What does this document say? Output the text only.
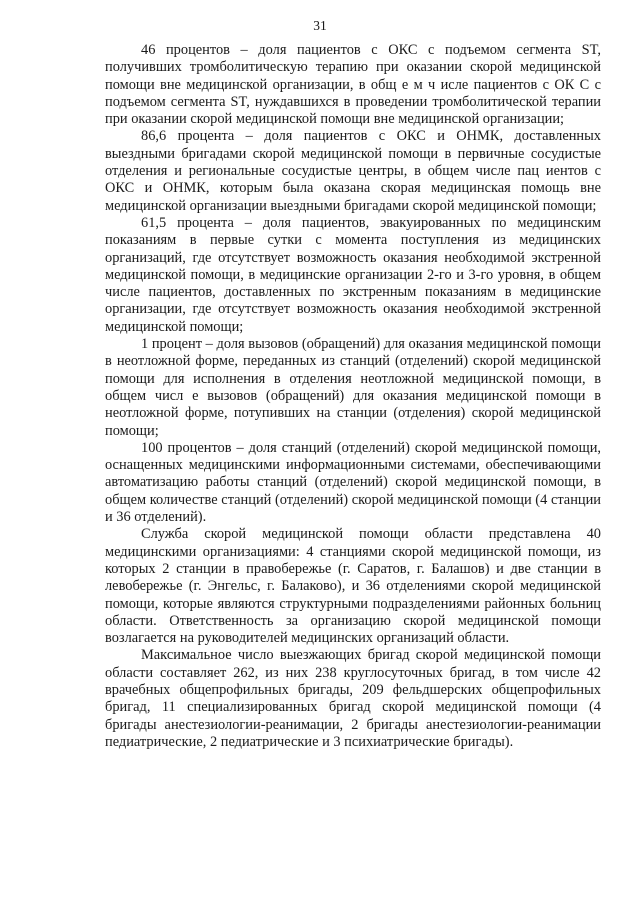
31

46 процентов – доля пациентов с ОКС с подъемом сегмента ST, получивших тромболитическую терапию при оказании скорой медицинской помощи вне медицинской организации, в общ е м ч исле пациентов с ОК С с подъемом сегмента ST, нуждавшихся в проведении тромболитической терапии при оказании скорой медицинской помощи вне медицинской организации;

86,6 процента – доля пациентов с ОКС и ОНМК, доставленных выездными бригадами скорой медицинской помощи в первичные сосудистые отделения и региональные сосудистые центры, в общем числе пац иентов с ОКС и ОНМК, которым была оказана скорая медицинская помощь вне медицинской организации выездными бригадами скорой медицинской помощи;

61,5 процента – доля пациентов, эвакуированных по медицинским показаниям в первые сутки с момента поступления из медицинских организаций, где отсутствует возможность оказания необходимой экстренной медицинской помощи, в медицинские организации 2-го и 3-го уровня, в общем числе пациентов, доставленных по экстренным показаниям в медицинские организации, где отсутствует возможность оказания необходимой экстренной медицинской помощи;

1 процент – доля вызовов (обращений) для оказания медицинской помощи в неотложной форме, переданных из станций (отделений) скорой медицинской помощи для исполнения в отделения неотложной медицинской помощи, в общем числ е вызовов (обращений) для оказания медицинской помощи в неотложной форме, потупивших на станции (отделения) скорой медицинской помощи;

100 процентов – доля станций (отделений) скорой медицинской помощи, оснащенных медицинскими информационными системами, обеспечивающими автоматизацию работы станций (отделений) скорой медицинской помощи, в общем количестве станций (отделений) скорой медицинской помощи (4 станции и 36 отделений).

Служба скорой медицинской помощи области представлена 40 медицинскими организациями: 4 станциями скорой медицинской помощи, из которых 2 станции в правобережье (г. Саратов, г. Балашов) и две станции в левобережье (г. Энгельс, г. Балаково), и 36 отделениями скорой медицинской помощи, которые являются структурными подразделениями районных больниц области. Ответственность за организацию скорой медицинской помощи возлагается на руководителей медицинских организаций области.

Максимальное число выезжающих бригад скорой медицинской помощи области составляет 262, из них 238 круглосуточных бригад, в том числе 42 врачебных общепрофильных бригады, 209 фельдшерских общепрофильных бригад, 11 специализированных бригад скорой медицинской помощи (4 бригады анестезиологии-реанимации, 2 бригады анестезиологии-реанимации педиатрические, 2 педиатрические и 3 психиатрические бригады).
